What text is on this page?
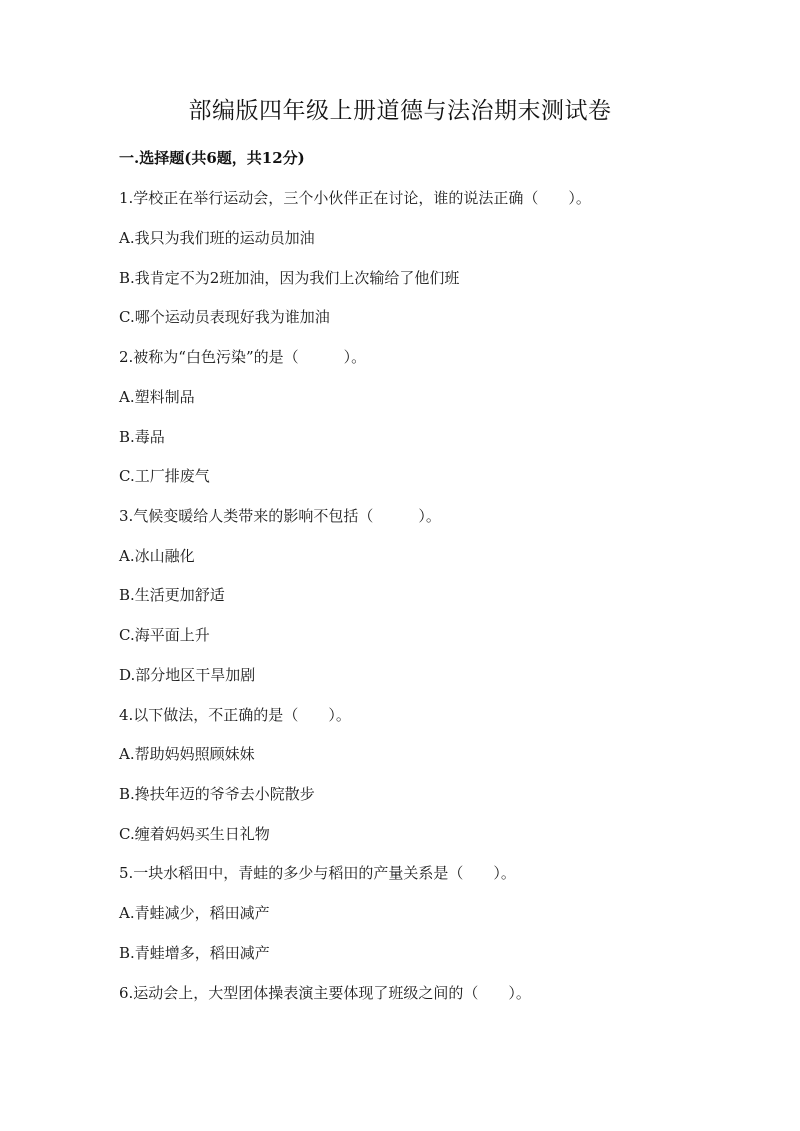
部编版四年级上册道德与法治期末测试卷
一.选择题(共6题，共12分)
1.学校正在举行运动会，三个小伙伴正在讨论，谁的说法正确（　　）。
A.我只为我们班的运动员加油
B.我肯定不为2班加油，因为我们上次输给了他们班
C.哪个运动员表现好我为谁加油
2.被称为“白色污染”的是（　　　）。
A.塑料制品
B.毒品
C.工厂排废气
3.气候变暖给人类带来的影响不包括（　　　）。
A.冰山融化
B.生活更加舒适
C.海平面上升
D.部分地区干旱加剧
4.以下做法，不正确的是（　　）。
A.帮助妈妈照顾妹妹
B.搀扶年迈的爷爷去小院散步
C.缠着妈妈买生日礼物
5.一块水稻田中，青蛙的多少与稻田的产量关系是（　　）。
A.青蛙减少，稻田减产
B.青蛙增多，稻田减产
6.运动会上，大型团体操表演主要体现了班级之间的（　　）。
